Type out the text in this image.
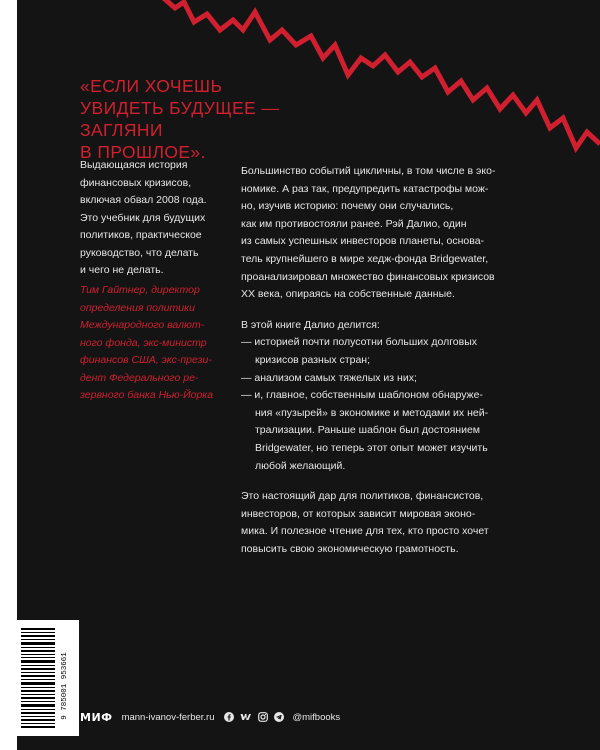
«ЕСЛИ ХОЧЕШЬ
УВИДЕТЬ БУДУЩЕЕ —
ЗАГЛЯНИ
В ПРОШЛОЕ».
Выдающаяся история
финансовых кризисов,
включая обвал 2008 года.
Это учебник для будущих
политиков, практическое
руководство, что делать
и чего не делать.
Тим Гайтнер, директор
определения политики
Международного валют-
ного фонда, экс-министр
финансов США, экс-прези-
дент Федерального ре-
зервного банка Нью-Йорка
Большинство событий цикличны, в том числе в эко-
номике. А раз так, предупредить катастрофы мож-
но, изучив историю: почему они случались,
как им противостояли ранее. Рэй Далио, один
из самых успешных инвесторов планеты, основа-
тель крупнейшего в мире хедж-фонда Bridgewater,
проанализировал множество финансовых кризисов
XX века, опираясь на собственные данные.
В этой книге Далио делится:
— историей почти полусотни больших долговых
кризисов разных стран;
— анализом самых тяжелых из них;
— и, главное, собственным шаблоном обнаруже-
ния «пузырей» в экономике и методами их ней-
трализации. Раньше шаблон был достоянием
Bridgewater, но теперь этот опыт может изучить
любой желающий.
Это настоящий дар для политиков, финансистов,
инвесторов, от которых зависит мировая эконо-
мика. И полезное чтение для тех, кто просто хочет
повысить свою экономическую грамотность.
9 785001 953661 МИФ mann-ivanov-ferber.ru	@mifbooks
